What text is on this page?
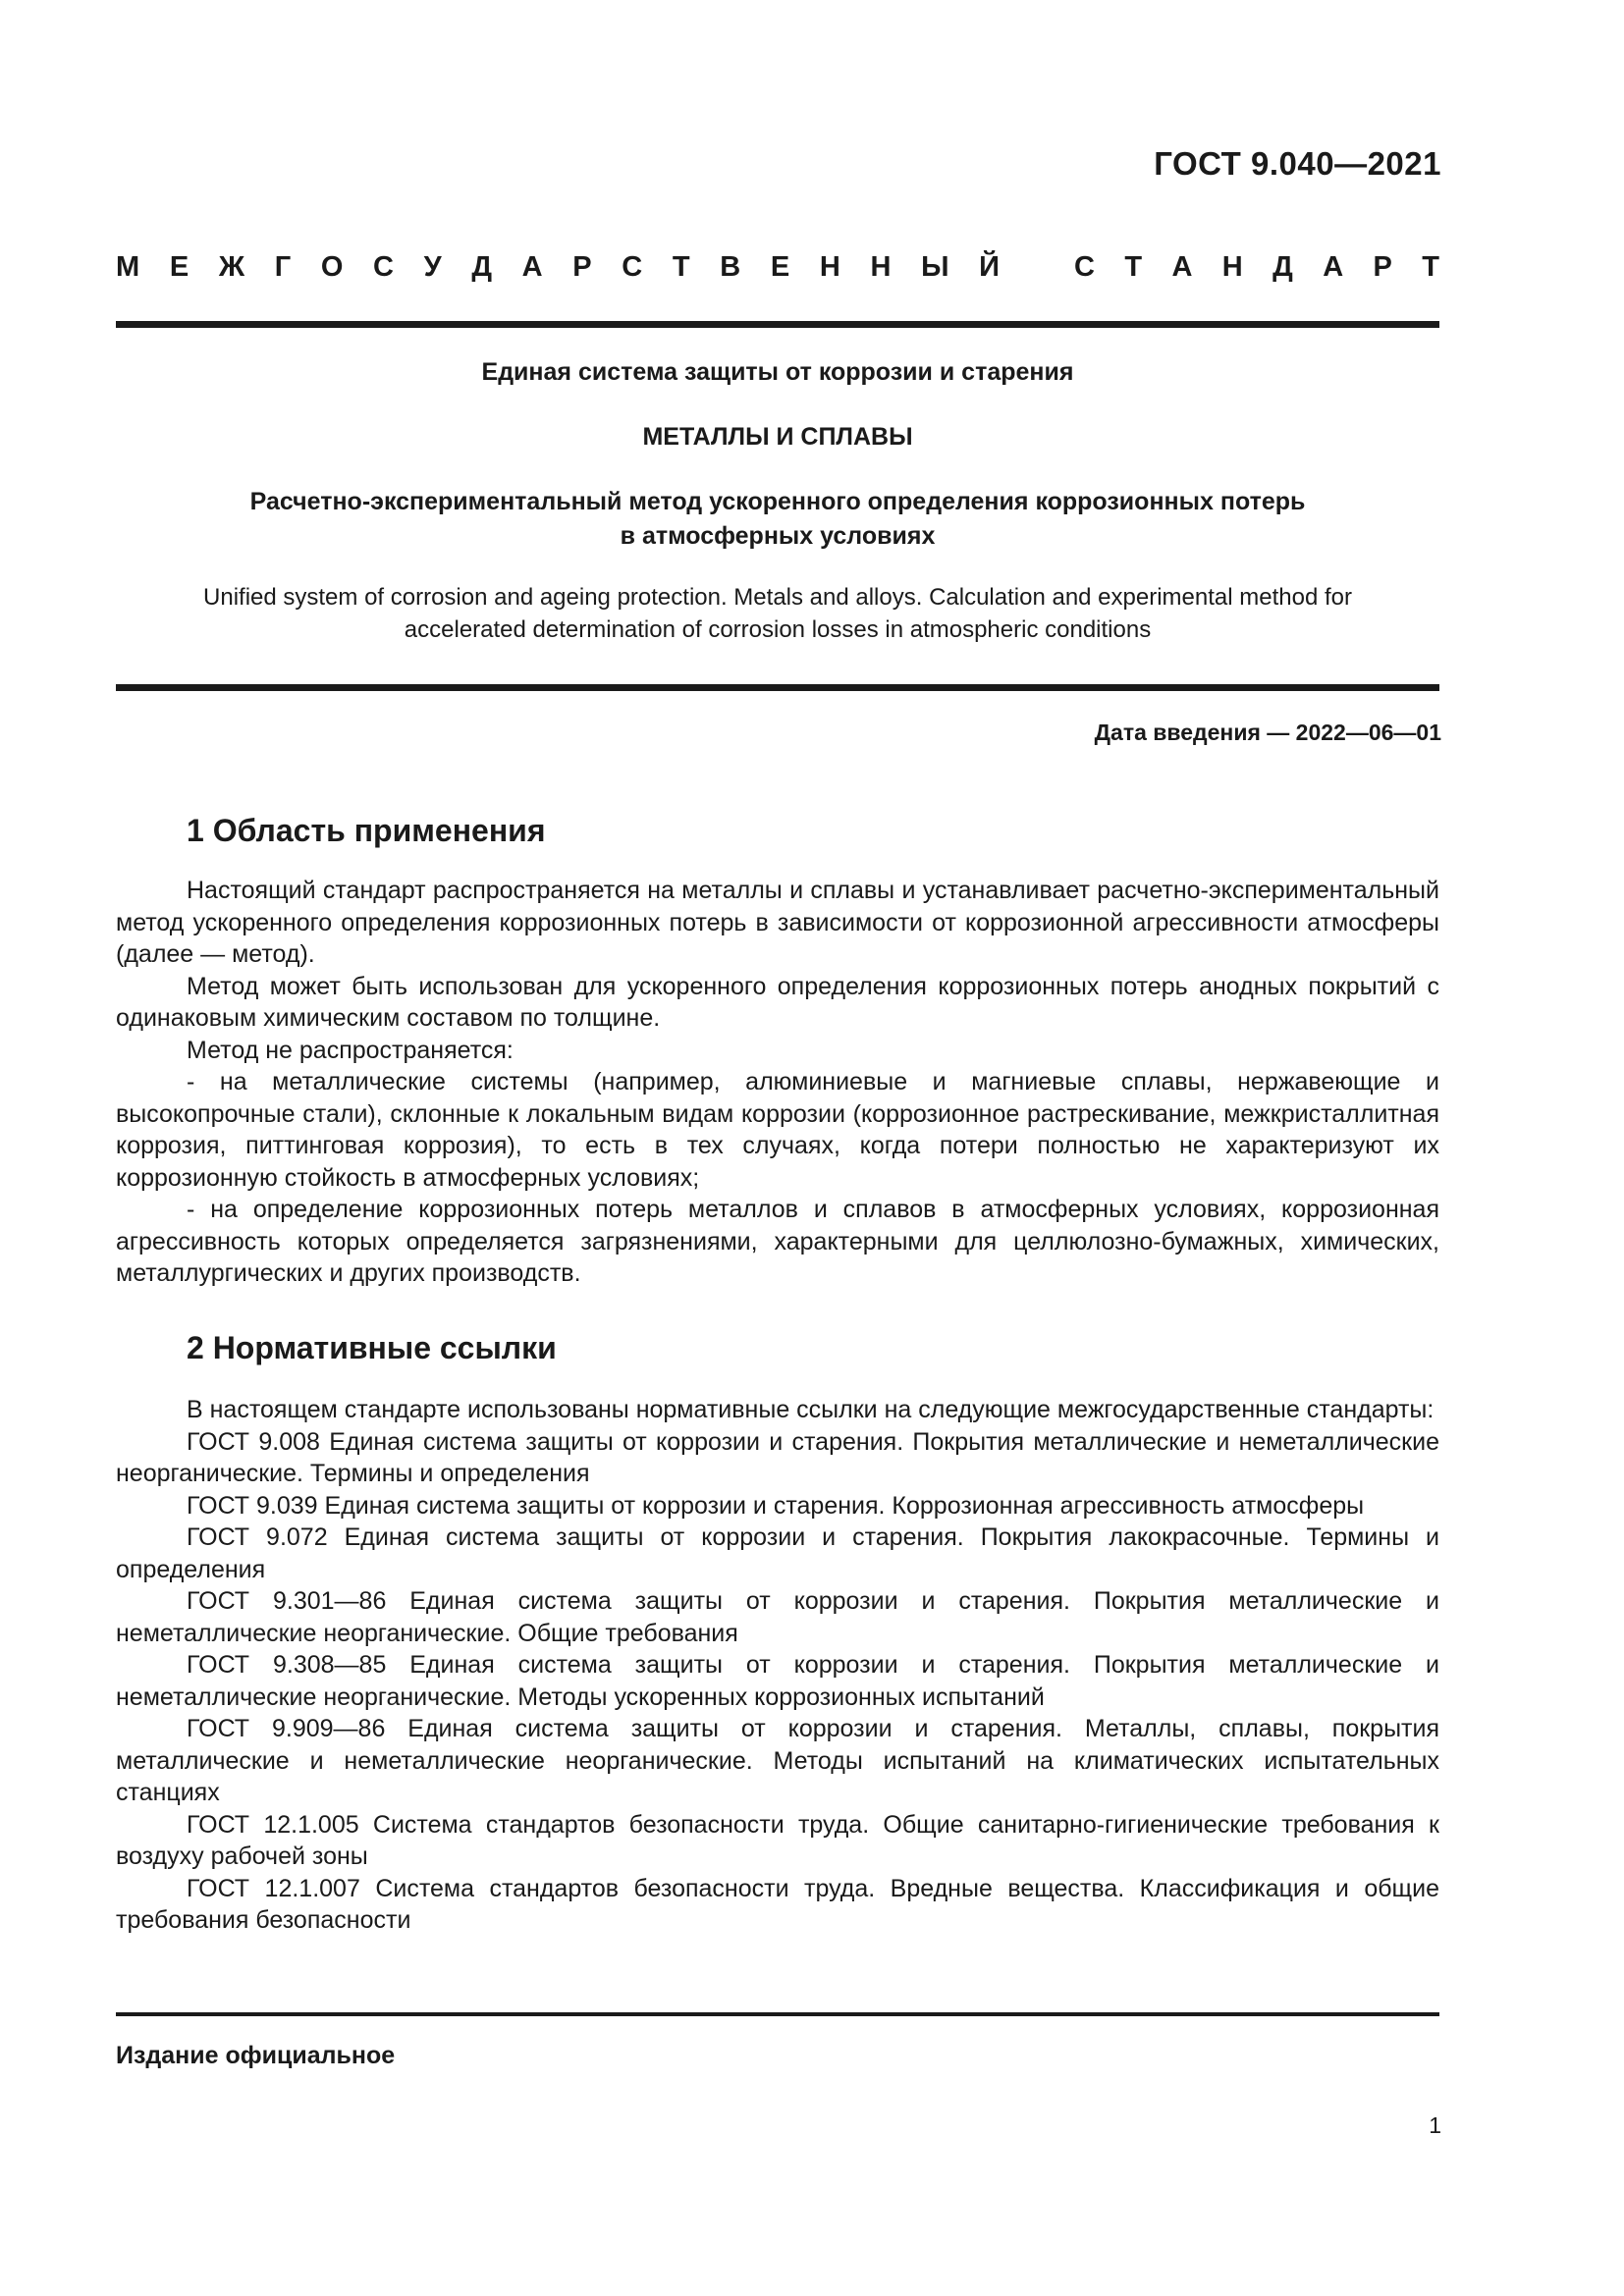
ГОСТ 9.040—2021
М Е Ж Г О С У Д А Р С Т В Е Н Н Ы Й	С Т А Н Д А Р Т
Единая система защиты от коррозии и старения
МЕТАЛЛЫ И СПЛАВЫ
Расчетно-экспериментальный метод ускоренного определения коррозионных потерь
в атмосферных условиях
Unified system of corrosion and ageing protection. Metals and alloys. Calculation and experimental method for
accelerated determination of corrosion losses in atmospheric conditions
Дата введения — 2022—06—01
1 Область применения

Настоящий стандарт распространяется на металлы и сплавы и устанавливает расчетно-экспериментальный метод ускоренного определения коррозионных потерь в зависимости от коррозионной агрессивности атмосферы (далее — метод).

Метод может быть использован для ускоренного определения коррозионных потерь анодных покрытий с одинаковым химическим составом по толщине.

Метод не распространяется:

- на металлические системы (например, алюминиевые и магниевые сплавы, нержавеющие и высокопрочные стали), склонные к локальным видам коррозии (коррозионное растрескивание, межкристаллитная коррозия, питтинговая коррозия), то есть в тех случаях, когда потери полностью не характеризуют их коррозионную стойкость в атмосферных условиях;

- на определение коррозионных потерь металлов и сплавов в атмосферных условиях, коррозионная агрессивность которых определяется загрязнениями, характерными для целлюлозно-бумажных, химических, металлургических и других производств.

2 Нормативные ссылки

В настоящем стандарте использованы нормативные ссылки на следующие межгосударственные стандарты:

ГОСТ 9.008 Единая система защиты от коррозии и старения. Покрытия металлические и неметаллические неорганические. Термины и определения

ГОСТ 9.039 Единая система защиты от коррозии и старения. Коррозионная агрессивность атмосферы

ГОСТ 9.072 Единая система защиты от коррозии и старения. Покрытия лакокрасочные. Термины и определения

ГОСТ 9.301—86 Единая система защиты от коррозии и старения. Покрытия металлические и неметаллические неорганические. Общие требования

ГОСТ 9.308—85 Единая система защиты от коррозии и старения. Покрытия металлические и неметаллические неорганические. Методы ускоренных коррозионных испытаний

ГОСТ 9.909—86 Единая система защиты от коррозии и старения. Металлы, сплавы, покрытия металлические и неметаллические неорганические. Методы испытаний на климатических испытательных станциях

ГОСТ 12.1.005 Система стандартов безопасности труда. Общие санитарно-гигиенические требования к воздуху рабочей зоны

ГОСТ 12.1.007 Система стандартов безопасности труда. Вредные вещества. Классификация и общие требования безопасности

Издание официальное
1
